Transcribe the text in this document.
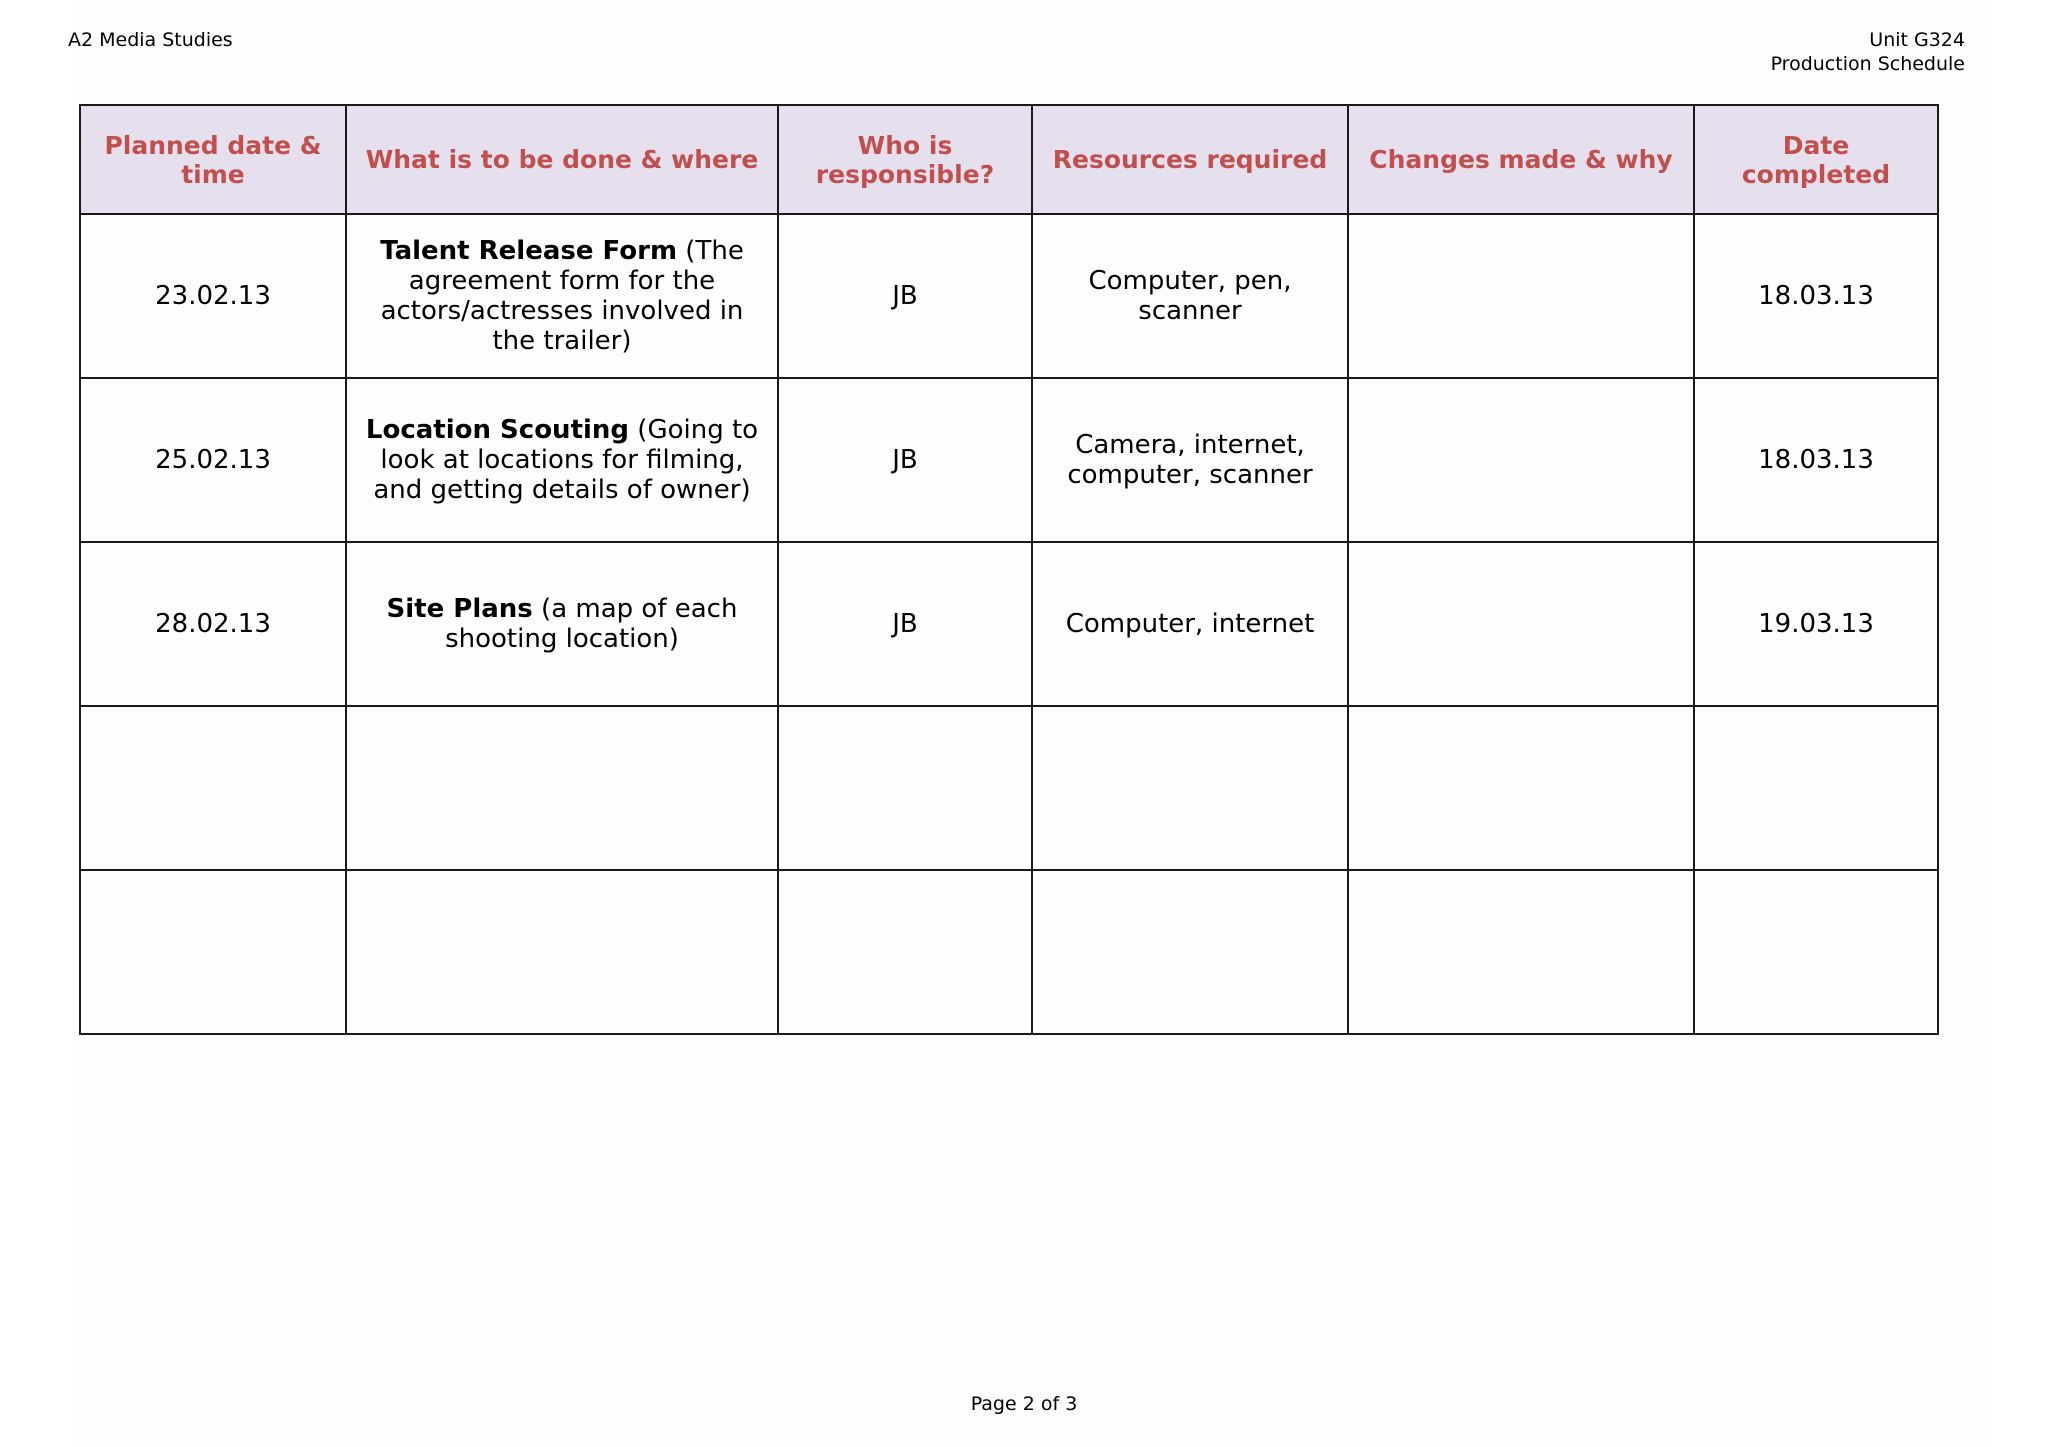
A2 Media Studies	Unit G324
Production Schedule
Planned date & time	What is to be done & where	Who is responsible?	Resources required	Changes made & why	Date completed
23.02.13	Talent Release Form (The agreement form for the actors/actresses involved in the trailer)	JB	Computer, pen, scanner		18.03.13
25.02.13	Location Scouting (Going to look at locations for filming, and getting details of owner)	JB	Camera, internet, computer, scanner		18.03.13
28.02.13	Site Plans (a map of each shooting location)	JB	Computer, internet		19.03.13

Page 2 of 3
